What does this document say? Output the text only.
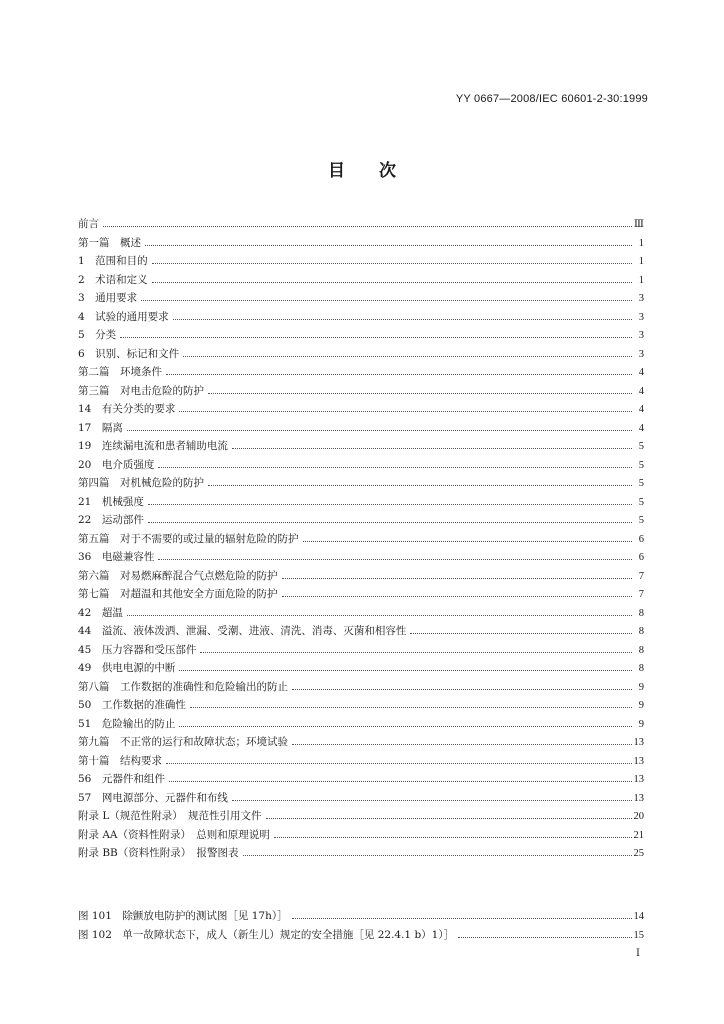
YY 0667—2008/IEC 60601-2-30:1999
目次
前言	Ⅲ
第一篇　概述	1
1　范围和目的	1
2　术语和定义	1
3　通用要求	3
4　试验的通用要求	3
5　分类	3
6　识别、标记和文件	3
第二篇　环境条件	4
第三篇　对电击危险的防护	4
14　有关分类的要求	4
17　隔离	4
19　连续漏电流和患者辅助电流	5
20　电介质强度	5
第四篇　对机械危险的防护	5
21　机械强度	5
22　运动部件	5
第五篇　对于不需要的或过量的辐射危险的防护	6
36　电磁兼容性	6
第六篇　对易燃麻醉混合气点燃危险的防护	7
第七篇　对超温和其他安全方面危险的防护	7
42　超温	8
44　溢流、液体泼洒、泄漏、受潮、进液、清洗、消毒、灭菌和相容性	8
45　压力容器和受压部件	8
49　供电电源的中断	8
第八篇　工作数据的准确性和危险输出的防止	9
50　工作数据的准确性	9
51　危险输出的防止	9
第九篇　不正常的运行和故障状态；环境试验	13
第十篇　结构要求	13
56　元器件和组件	13
57　网电源部分、元器件和布线	13
附录 L（规范性附录）　规范性引用文件	20
附录 AA（资料性附录）　总则和原理说明	21
附录 BB（资料性附录）　报警图表	25
图 101　除颤放电防护的测试图［见 17h）］	14
图 102　单一故障状态下，成人（新生儿）规定的安全措施［见 22.4.1 b）1）］	15
I
